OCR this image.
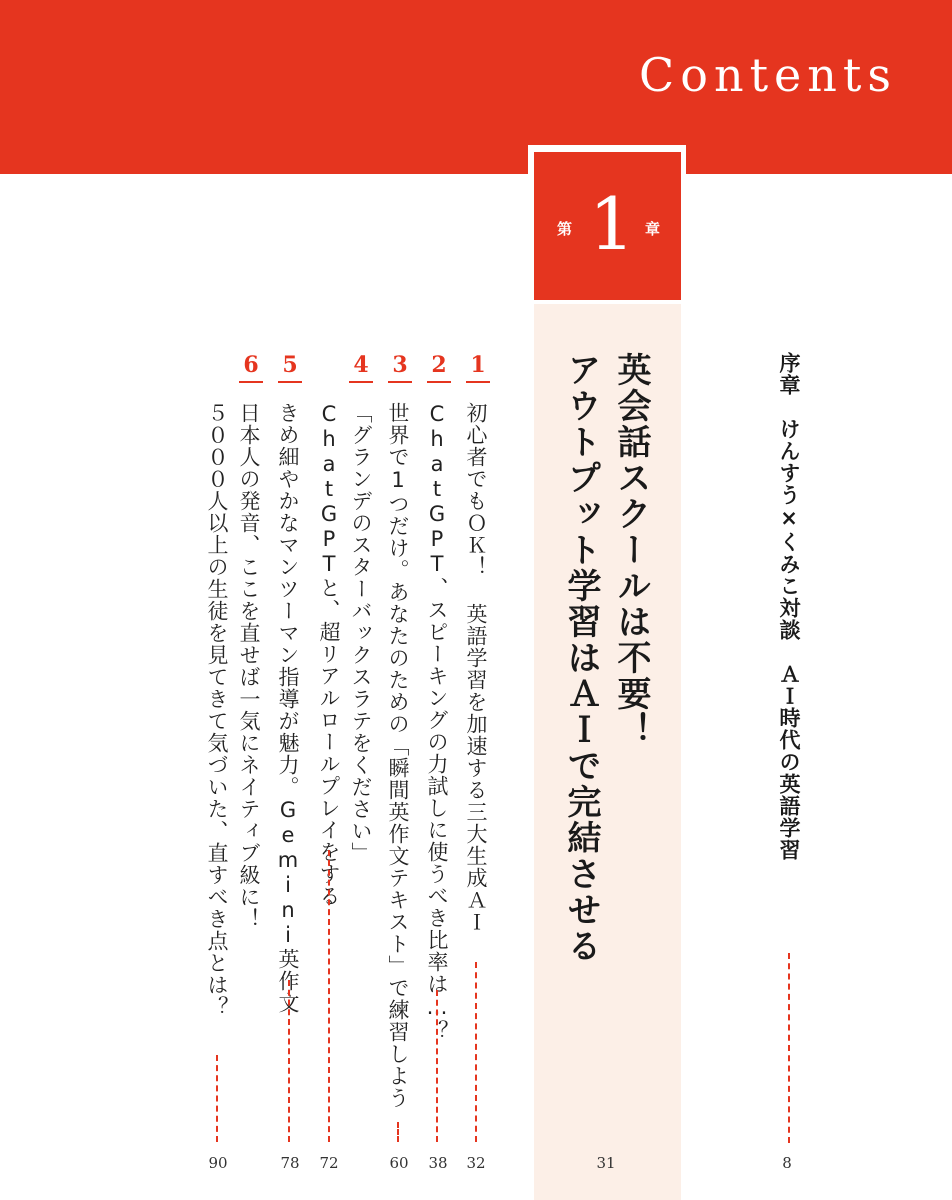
Contents
第 1 章
英会話スクールは不要！
アウトプット学習はＡＩで完結させる
31
序章　けんすう×くみこ対談　ＡＩ時代の英語学習
8
1
初心者でもＯＫ！ 英語学習を加速する三大生成ＡＩ
32
2
ChatGPT、スピーキングの力試しに使うべき比率は…？
38
3
世界で1つだけ。あなたのための「瞬間英作文テキスト」で練習しよう
60
4
「グランデのスターバックスラテをください」
ChatGPTと、超リアルロールプレイをする
72
5
きめ細やかなマンツーマン指導が魅力。Gemini英作文
78
6
日本人の発音、ここを直せば一気にネイティブ級に！
５０００人以上の生徒を見てきて気づいた、直すべき点とは？
90
